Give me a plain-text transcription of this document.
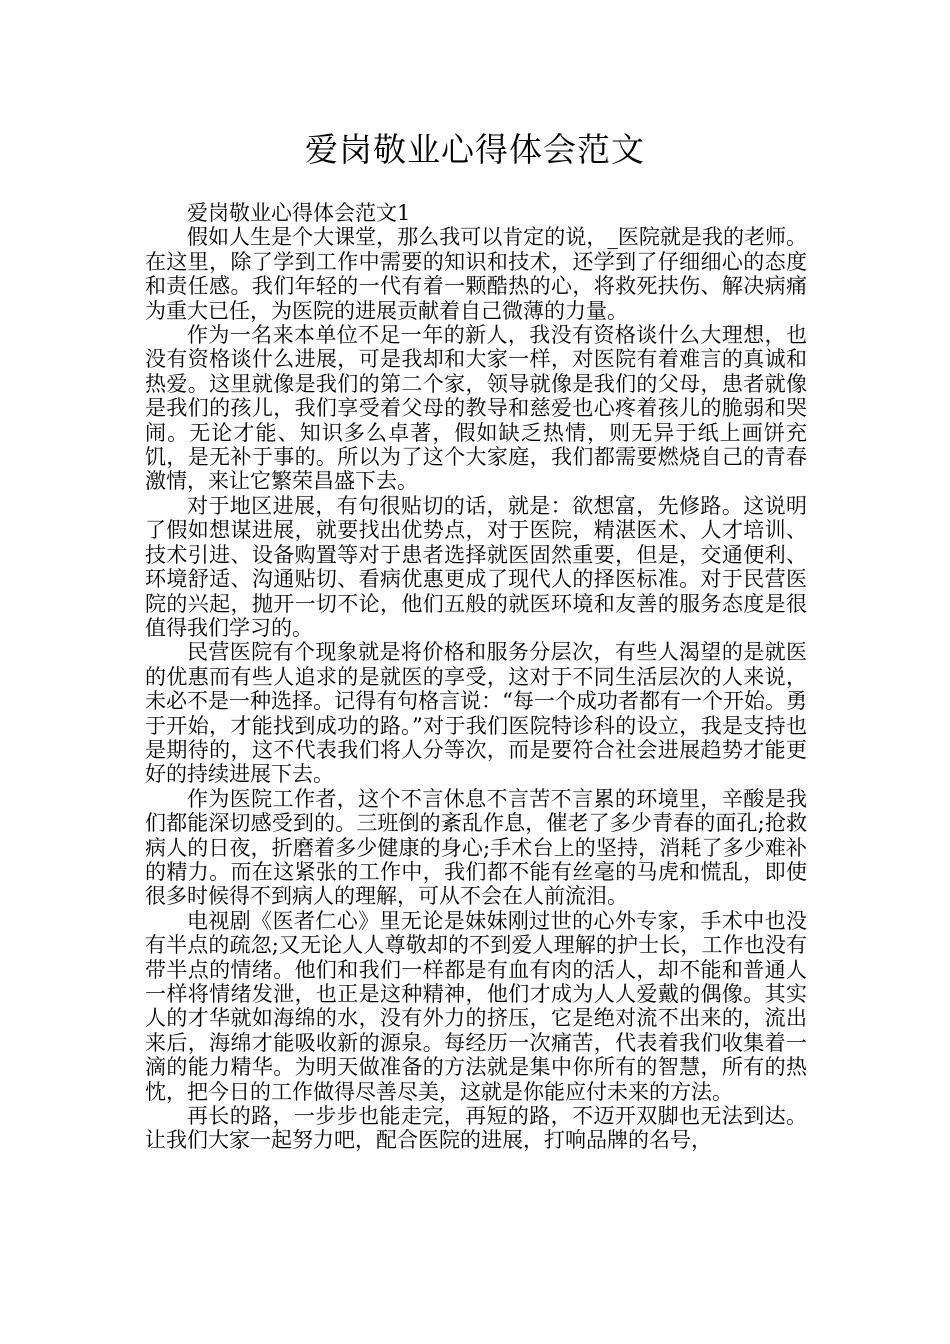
爱岗敬业心得体会范文

爱岗敬业心得体会范文1

假如人生是个大课堂，那么我可以肯定的说，_医院就是我的老师。在这里，除了学到工作中需要的知识和技术，还学到了仔细细心的态度和责任感。我们年轻的一代有着一颗酷热的心，将救死扶伤、解决病痛为重大已任，为医院的进展贡献着自己微薄的力量。

作为一名来本单位不足一年的新人，我没有资格谈什么大理想，也没有资格谈什么进展，可是我却和大家一样，对医院有着难言的真诚和热爱。这里就像是我们的第二个家，领导就像是我们的父母，患者就像是我们的孩儿，我们享受着父母的教导和慈爱也心疼着孩儿的脆弱和哭闹。无论才能、知识多么卓著，假如缺乏热情，则无异于纸上画饼充饥，是无补于事的。所以为了这个大家庭，我们都需要燃烧自己的青春激情，来让它繁荣昌盛下去。

对于地区进展，有句很贴切的话，就是：欲想富，先修路。这说明了假如想谋进展，就要找出优势点，对于医院，精湛医术、人才培训、技术引进、设备购置等对于患者选择就医固然重要，但是，交通便利、环境舒适、沟通贴切、看病优惠更成了现代人的择医标准。对于民营医院的兴起，抛开一切不论，他们五般的就医环境和友善的服务态度是很值得我们学习的。

民营医院有个现象就是将价格和服务分层次，有些人渴望的是就医的优惠而有些人追求的是就医的享受，这对于不同生活层次的人来说，未必不是一种选择。记得有句格言说：“每一个成功者都有一个开始。勇于开始，才能找到成功的路。”对于我们医院特诊科的设立，我是支持也是期待的，这不代表我们将人分等次，而是要符合社会进展趋势才能更好的持续进展下去。

作为医院工作者，这个不言休息不言苦不言累的环境里，辛酸是我们都能深切感受到的。三班倒的紊乱作息，催老了多少青春的面孔;抢救病人的日夜，折磨着多少健康的身心;手术台上的坚持，消耗了多少难补的精力。而在这紧张的工作中，我们都不能有丝毫的马虎和慌乱，即使很多时候得不到病人的理解，可从不会在人前流泪。

电视剧《医者仁心》里无论是妹妹刚过世的心外专家，手术中也没有半点的疏忽;又无论人人尊敬却的不到爱人理解的护士长，工作也没有带半点的情绪。他们和我们一样都是有血有肉的活人，却不能和普通人一样将情绪发泄，也正是这种精神，他们才成为人人爱戴的偶像。其实人的才华就如海绵的水，没有外力的挤压，它是绝对流不出来的，流出来后，海绵才能吸收新的源泉。每经历一次痛苦，代表着我们收集着一滴的能力精华。为明天做准备的方法就是集中你所有的智慧，所有的热忱，把今日的工作做得尽善尽美，这就是你能应付未来的方法。

再长的路，一步步也能走完，再短的路，不迈开双脚也无法到达。让我们大家一起努力吧，配合医院的进展，打响品牌的名号，
